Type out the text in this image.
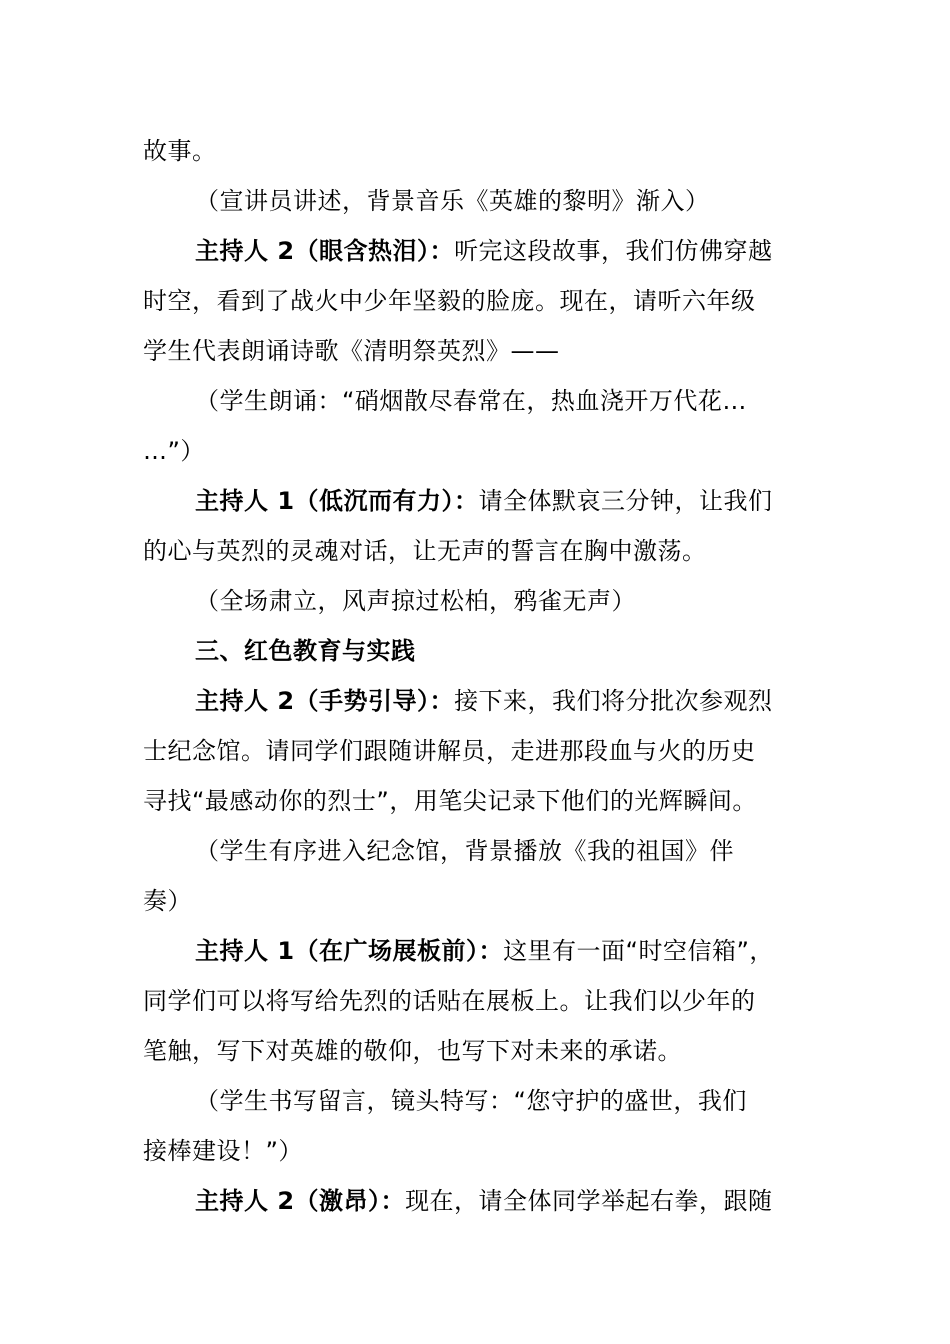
故事。
（宣讲员讲述，背景音乐《英雄的黎明》渐入）
主持人 2（眼含热泪）：听完这段故事，我们仿佛穿越
时空，看到了战火中少年坚毅的脸庞。现在，请听六年级
学生代表朗诵诗歌《清明祭英烈》——
（学生朗诵：“硝烟散尽春常在，热血浇开万代花…
…”）
主持人 1（低沉而有力）：请全体默哀三分钟，让我们
的心与英烈的灵魂对话，让无声的誓言在胸中激荡。
（全场肃立，风声掠过松柏，鸦雀无声）
三、红色教育与实践
主持人 2（手势引导）：接下来，我们将分批次参观烈
士纪念馆。请同学们跟随讲解员，走进那段血与火的历史
寻找“最感动你的烈士”，用笔尖记录下他们的光辉瞬间。
（学生有序进入纪念馆，背景播放《我的祖国》伴
奏）
主持人 1（在广场展板前）：这里有一面“时空信箱”，
同学们可以将写给先烈的话贴在展板上。让我们以少年的
笔触，写下对英雄的敬仰，也写下对未来的承诺。
（学生书写留言，镜头特写：“您守护的盛世，我们
接棒建设！”）
主持人 2（激昂）：现在，请全体同学举起右拳，跟随
